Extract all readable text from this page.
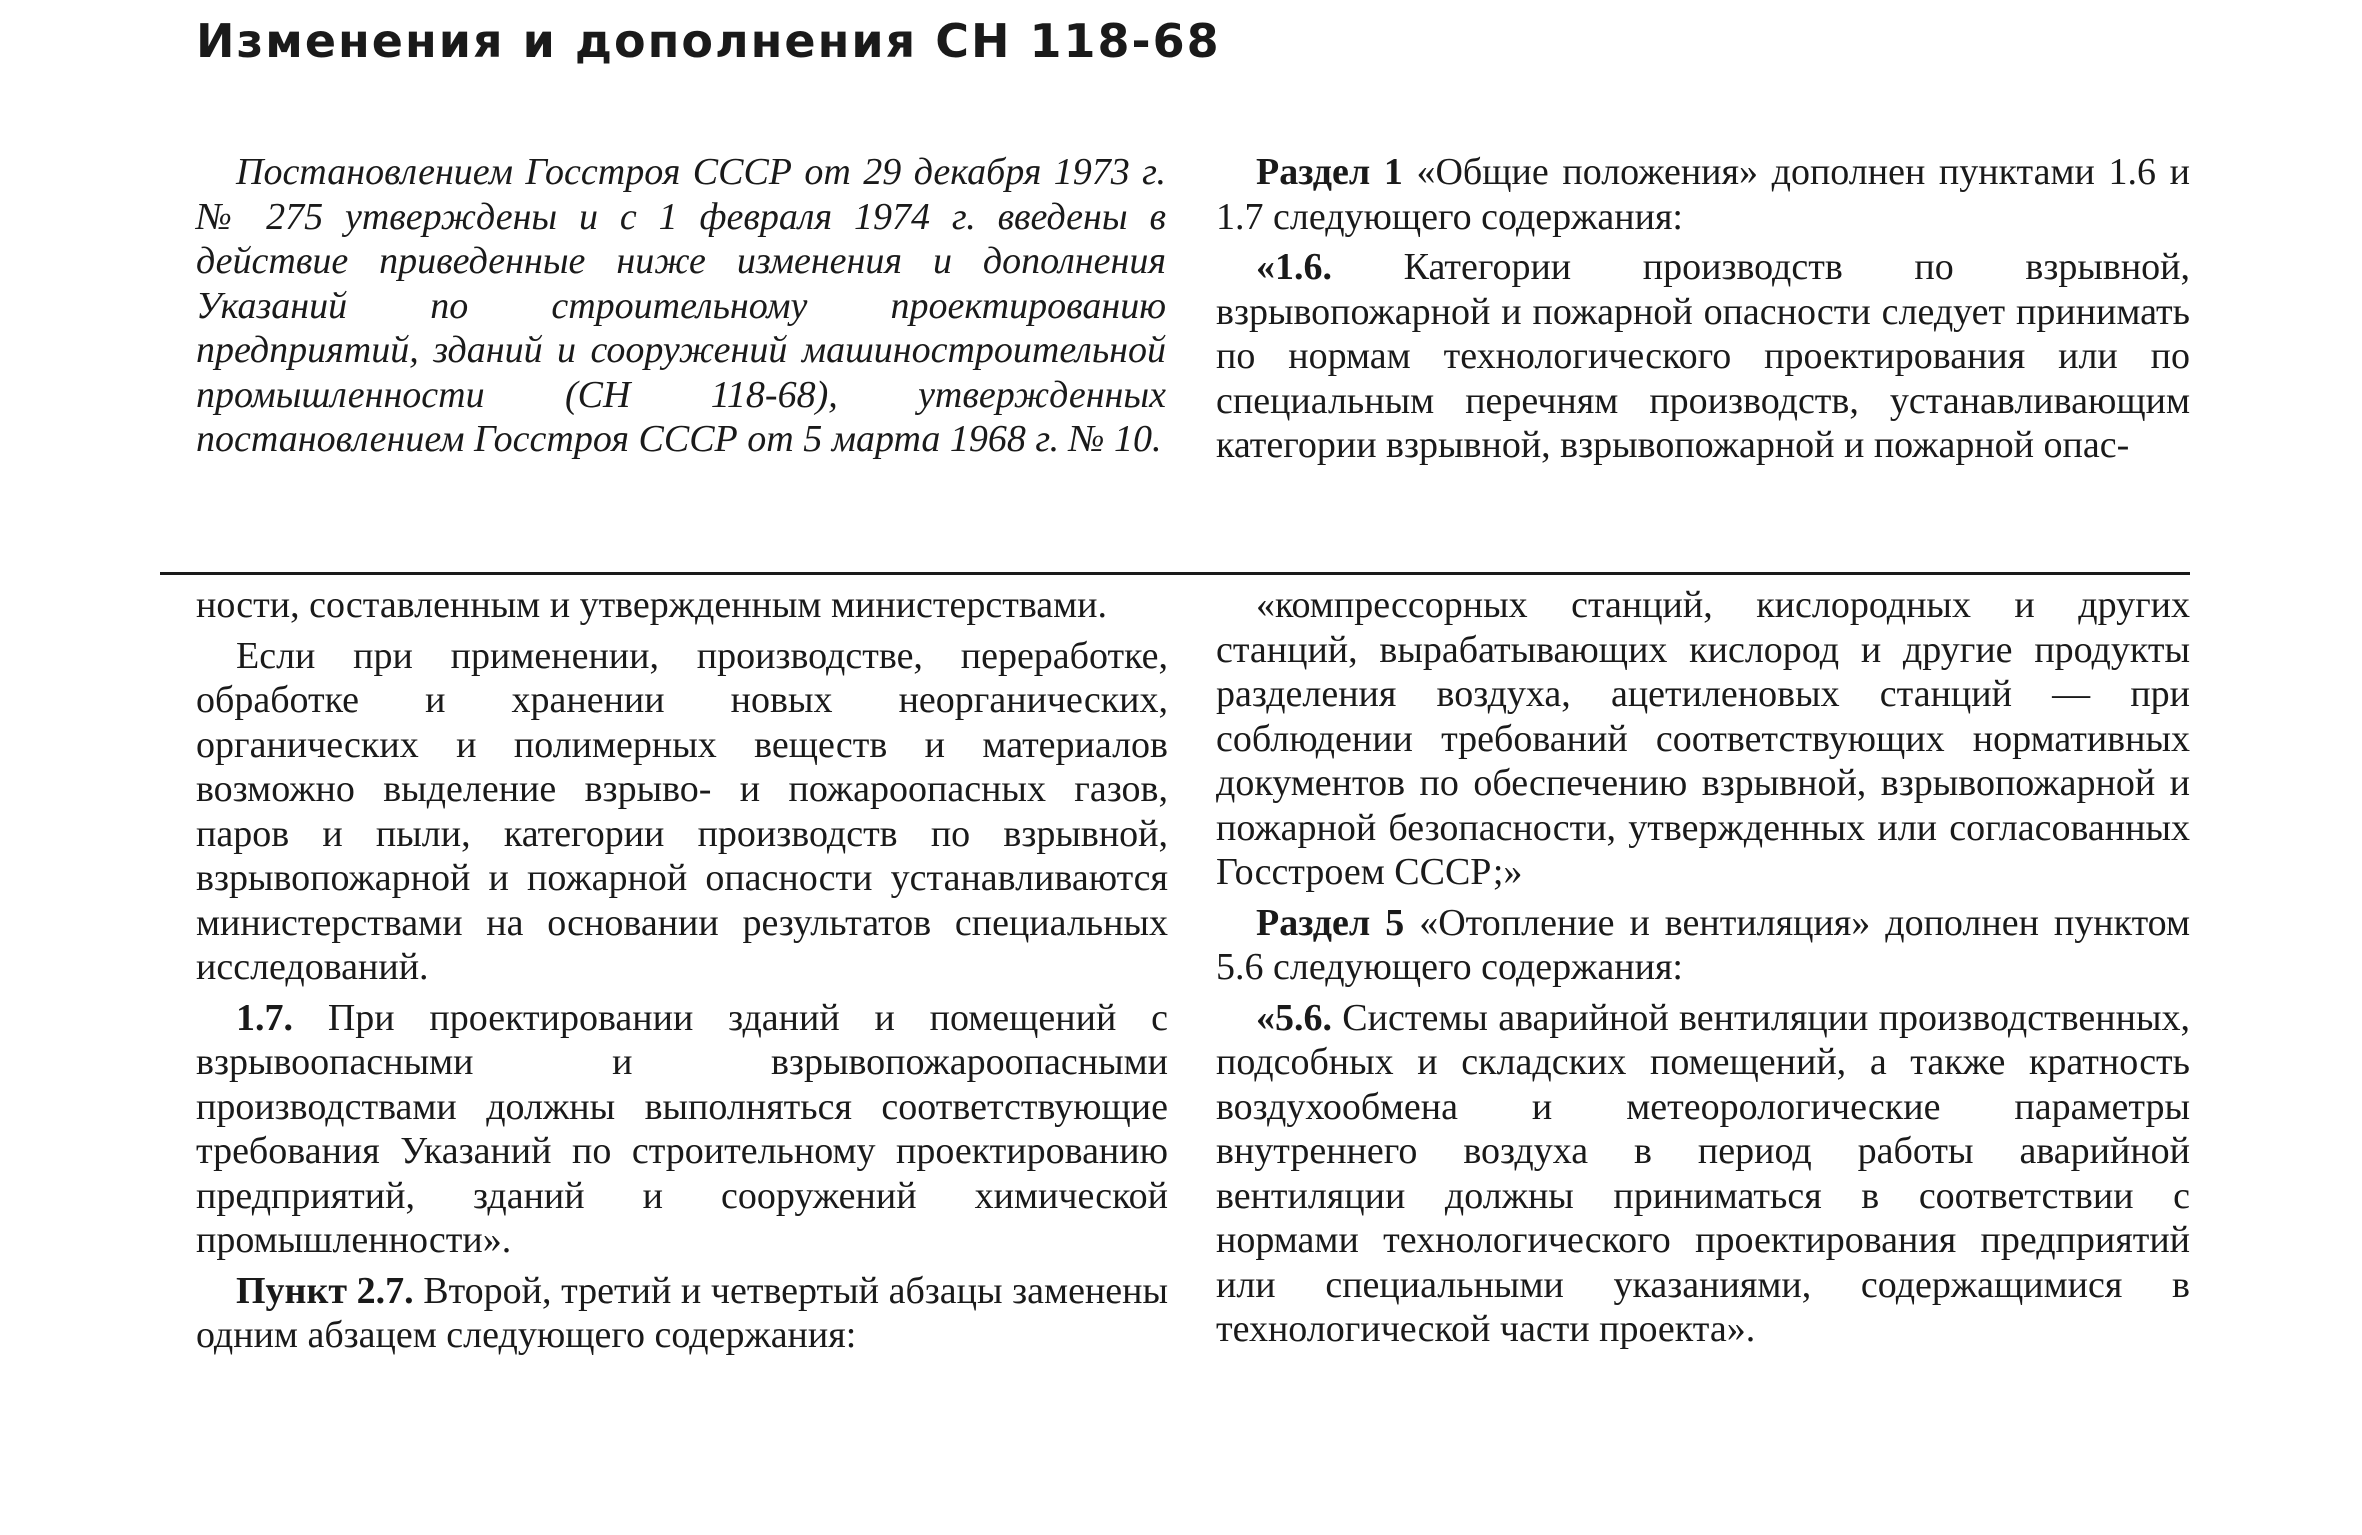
Изменения и дополнения СН 118-68

Постановлением Госстроя СССР от 29 декабря 1973 г. № 275 утверждены и с 1 февраля 1974 г. введены в действие приведенные ниже изменения и дополнения Указаний по строительному проектированию предприятий, зданий и сооружений машиностроительной промышленности (СН 118-68), утвержденных постановлением Госстроя СССР от 5 марта 1968 г. № 10.

Раздел 1 «Общие положения» дополнен пунктами 1.6 и 1.7 следующего содержания:

«1.6. Категории производств по взрывной, взрывопожарной и пожарной опасности следует принимать по нормам технологического проектирования или по специальным перечням производств, устанавливающим категории взрывной, взрывопожарной и пожарной опас-

ности, составленным и утвержденным министерствами.

Если при применении, производстве, переработке, обработке и хранении новых неорганических, органических и полимерных веществ и материалов возможно выделение взрыво- и пожароопасных газов, паров и пыли, категории производств по взрывной, взрывопожарной и пожарной опасности устанавливаются министерствами на основании результатов специальных исследований.

1.7. При проектировании зданий и помещений с взрывоопасными и взрывопожароопасными производствами должны выполняться соответствующие требования Указаний по строительному проектированию предприятий, зданий и сооружений химической промышленности».

Пункт 2.7. Второй, третий и четвертый абзацы заменены одним абзацем следующего содержания:

«компрессорных станций, кислородных и других станций, вырабатывающих кислород и другие продукты разделения воздуха, ацетиленовых станций — при соблюдении требований соответствующих нормативных документов по обеспечению взрывной, взрывопожарной и пожарной безопасности, утвержденных или согласованных Госстроем СССР;»

Раздел 5 «Отопление и вентиляция» дополнен пунктом 5.6 следующего содержания:

«5.6. Системы аварийной вентиляции производственных, подсобных и складских помещений, а также кратность воздухообмена и метеорологические параметры внутреннего воздуха в период работы аварийной вентиляции должны приниматься в соответствии с нормами технологического проектирования предприятий или специальными указаниями, содержащимися в технологической части проекта».
